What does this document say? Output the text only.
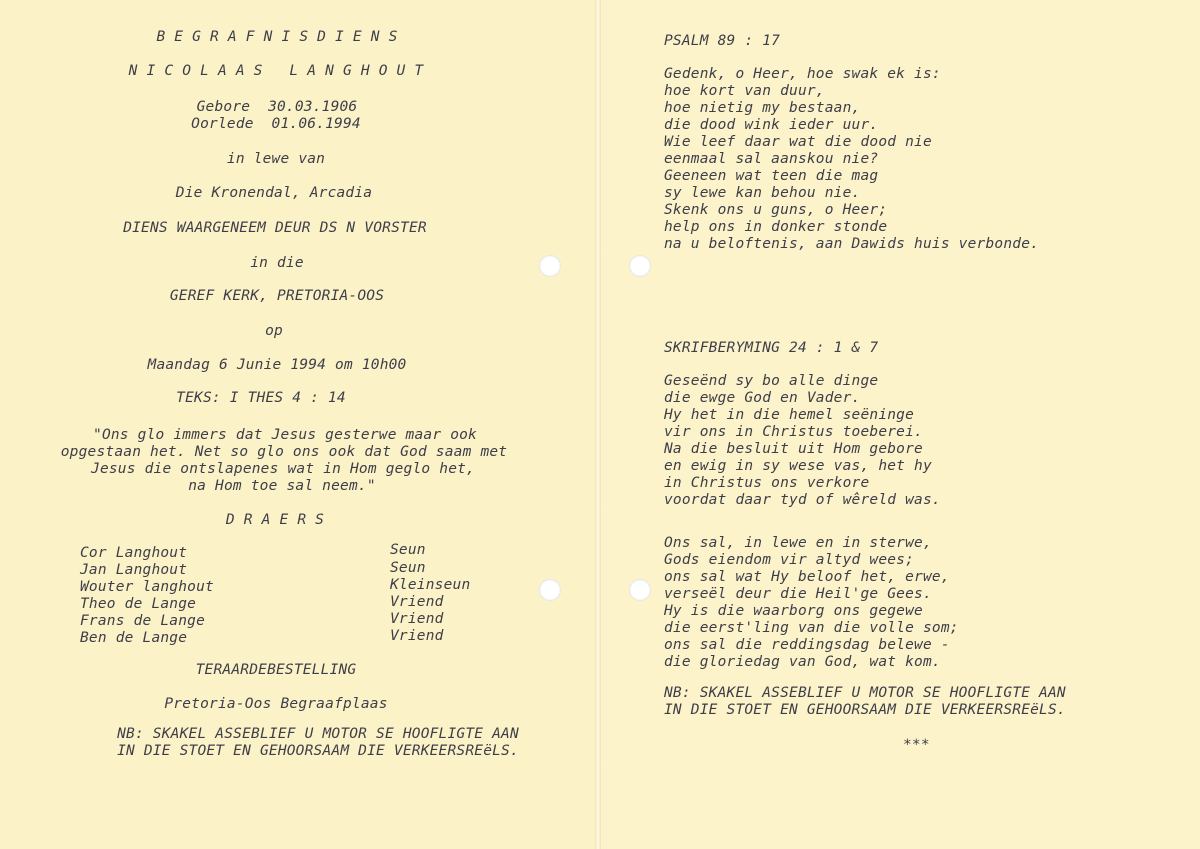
B E G R A F N I S D I E N S
N I C O L A A S   L A N G H O U T
Gebore  30.03.1906
Oorlede  01.06.1994
in lewe van
Die Kronendal, Arcadia
DIENS WAARGENEEM DEUR DS N VORSTER
in die
GEREF KERK, PRETORIA-OOS
op
Maandag 6 Junie 1994 om 10h00
TEKS: I THES 4 : 14
"Ons glo immers dat Jesus gesterwe maar ook
opgestaan het. Net so glo ons ook dat God saam met
Jesus die ontslapenes wat in Hom geglo het,
na Hom toe sal neem."
D R A E R S
Cor Langhout	Seun
Jan Langhout	Seun
Wouter langhout	Kleinseun
Theo de Lange	Vriend
Frans de Lange	Vriend
Ben de Lange	Vriend
TERAARDEBESTELLING
Pretoria-Oos Begraafplaas
NB: SKAKEL ASSEBLIEF U MOTOR SE HOOFLIGTE AAN
IN DIE STOET EN GEHOORSAAM DIE VERKEERSREëLS.
PSALM 89 : 17
Gedenk, o Heer, hoe swak ek is:
hoe kort van duur,
hoe nietig my bestaan,
die dood wink ieder uur.
Wie leef daar wat die dood nie
eenmaal sal aanskou nie?
Geeneen wat teen die mag
sy lewe kan behou nie.
Skenk ons u guns, o Heer;
help ons in donker stonde
na u beloftenis, aan Dawids huis verbonde.
SKRIFBERYMING 24 : 1 & 7
Geseënd sy bo alle dinge
die ewge God en Vader.
Hy het in die hemel seëninge
vir ons in Christus toeberei.
Na die besluit uit Hom gebore
en ewig in sy wese vas, het hy
in Christus ons verkore
voordat daar tyd of wêreld was.
Ons sal, in lewe en in sterwe,
Gods eiendom vir altyd wees;
ons sal wat Hy beloof het, erwe,
verseël deur die Heil'ge Gees.
Hy is die waarborg ons gegewe
die eerst'ling van die volle som;
ons sal die reddingsdag belewe -
die gloriedag van God, wat kom.
NB: SKAKEL ASSEBLIEF U MOTOR SE HOOFLIGTE AAN
IN DIE STOET EN GEHOORSAAM DIE VERKEERSREëLS.
***
